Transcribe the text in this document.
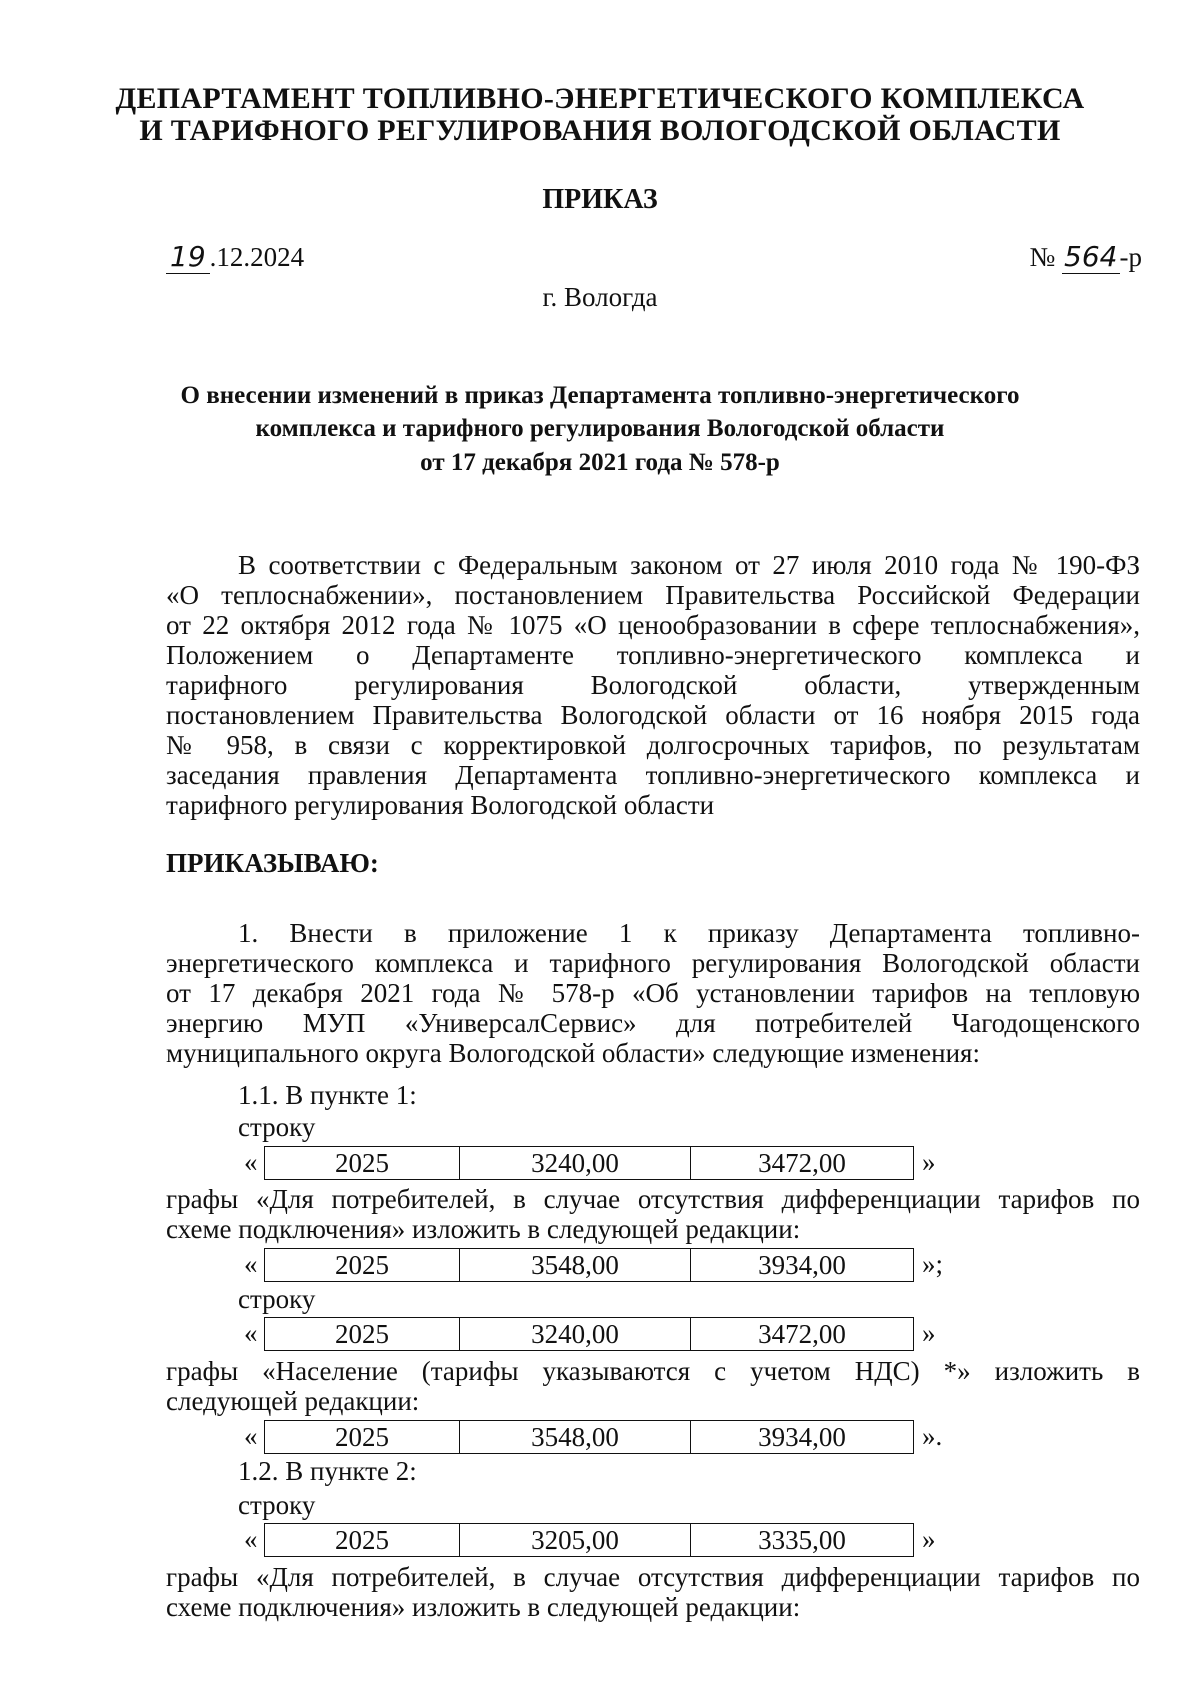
ДЕПАРТАМЕНТ ТОПЛИВНО-ЭНЕРГЕТИЧЕСКОГО КОМПЛЕКСА
И ТАРИФНОГО РЕГУЛИРОВАНИЯ ВОЛОГОДСКОЙ ОБЛАСТИ
ПРИКАЗ
19 .12.2024	№ 564-р
г. Вологда
О внесении изменений в приказ Департамента топливно-энергетического
комплекса и тарифного регулирования Вологодской области
от 17 декабря 2021 года № 578-р
В соответствии с Федеральным законом от 27 июля 2010 года № 190-ФЗ
«О теплоснабжении», постановлением Правительства Российской Федерации
от 22 октября 2012 года № 1075 «О ценообразовании в сфере теплоснабжения»,
Положением о Департаменте топливно-энергетического комплекса и
тарифного регулирования Вологодской области, утвержденным
постановлением Правительства Вологодской области от 16 ноября 2015 года
№ 958, в связи с корректировкой долгосрочных тарифов, по результатам
заседания правления Департамента топливно-энергетического комплекса и
тарифного регулирования Вологодской области
ПРИКАЗЫВАЮ:
1. Внести в приложение 1 к приказу Департамента топливно-
энергетического комплекса и тарифного регулирования Вологодской области
от 17 декабря 2021 года № 578-р «Об установлении тарифов на тепловую
энергию МУП «УниверсалСервис» для потребителей Чагодощенского
муниципального округа Вологодской области» следующие изменения:
1.1. В пункте 1:
строку
«	2025	3240,00	3472,00	»
графы «Для потребителей, в случае отсутствия дифференциации тарифов по
схеме подключения» изложить в следующей редакции:
«	2025	3548,00	3934,00	»;
строку
«	2025	3240,00	3472,00	»
графы «Население (тарифы указываются с учетом НДС) *» изложить в
следующей редакции:
«	2025	3548,00	3934,00	».
1.2. В пункте 2:
строку
«	2025	3205,00	3335,00	»
графы «Для потребителей, в случае отсутствия дифференциации тарифов по
схеме подключения» изложить в следующей редакции:
